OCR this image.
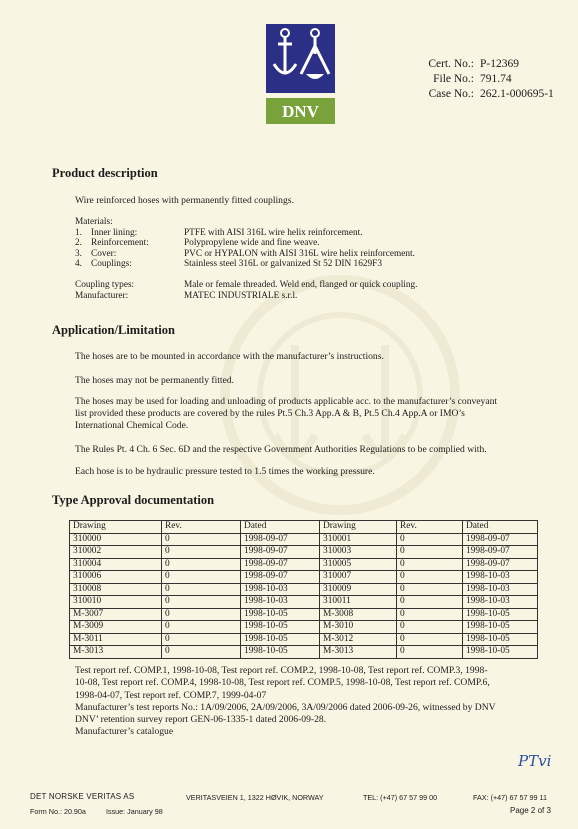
DNV
Cert. No.: P-12369
File No.: 791.74
Case No.: 262.1-000695-1
Product description
Wire reinforced hoses with permanently fitted couplings.
Materials:
1. Inner lining:	PTFE with AISI 316L wire helix reinforcement.
2. Reinforcement:	Polypropylene wide and fine weave.
3. Cover:	PVC or HYPALON with AISI 316L wire helix reinforcement.
4. Couplings:	Stainless steel 316L or galvanized St 52 DIN 1629F3
Coupling types:	Male or female threaded. Weld end, flanged or quick coupling.
Manufacturer:	MATEC INDUSTRIALE s.r.l.
Application/Limitation
The hoses are to be mounted in accordance with the manufacturer’s instructions.
The hoses may not be permanently fitted.
The hoses may be used for loading and unloading of products applicable acc. to the manufacturer’s conveyant
list provided these products are covered by the rules Pt.5 Ch.3 App.A & B, Pt.5 Ch.4 App.A or IMO’s
International Chemical Code.
The Rules Pt. 4 Ch. 6 Sec. 6D and the respective Government Authorities Regulations to be complied with.
Each hose is to be hydraulic pressure tested to 1.5 times the working pressure.
Type Approval documentation
Drawing	Rev.	Dated	Drawing	Rev.	Dated
310000	0	1998-09-07	310001	0	1998-09-07
310002	0	1998-09-07	310003	0	1998-09-07
310004	0	1998-09-07	310005	0	1998-09-07
310006	0	1998-09-07	310007	0	1998-10-03
310008	0	1998-10-03	310009	0	1998-10-03
310010	0	1998-10-03	310011	0	1998-10-03
M-3007	0	1998-10-05	M-3008	0	1998-10-05
M-3009	0	1998-10-05	M-3010	0	1998-10-05
M-3011	0	1998-10-05	M-3012	0	1998-10-05
M-3013	0	1998-10-05	M-3013	0	1998-10-05
Test report ref. COMP.1, 1998-10-08, Test report ref. COMP.2, 1998-10-08, Test report ref. COMP.3, 1998-
10-08, Test report ref. COMP.4, 1998-10-08, Test report ref. COMP.5, 1998-10-08, Test report ref. COMP.6,
1998-04-07, Test report ref. COMP.7, 1999-04-07
Manufacturer’s test reports No.: 1A/09/2006, 2A/09/2006, 3A/09/2006 dated 2006-09-26, witnessed by DNV
DNV’ retention survey report GEN-06-1335-1 dated 2006-09-28.
Manufacturer’s catalogue
PTvi
DET NORSKE VERITAS AS	VERITASVEIEN 1, 1322 HØVIK, NORWAY	TEL: (+47) 67 57 99 00	FAX: (+47) 67 57 99 11
Form No.: 20.90a	Issue: January 98	Page 2 of 3
